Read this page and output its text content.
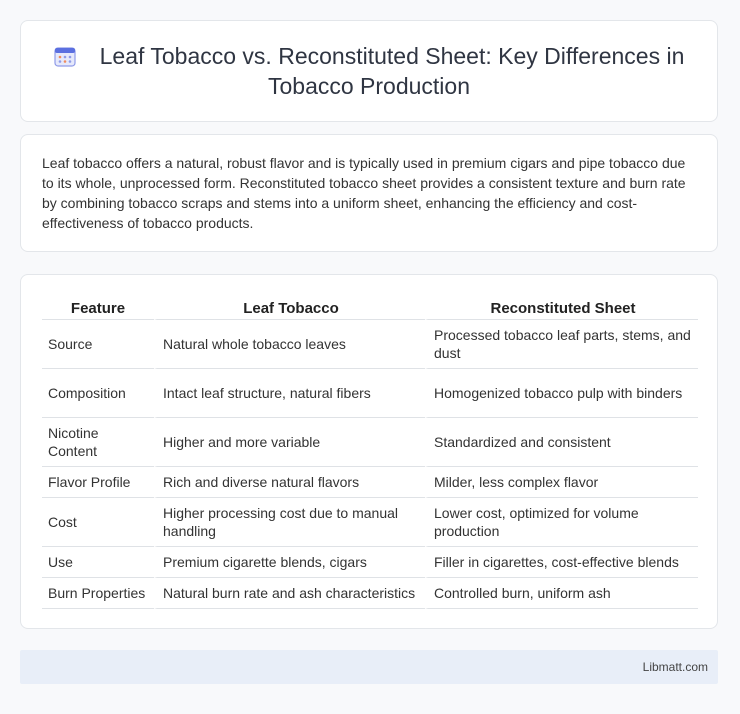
Leaf Tobacco vs. Reconstituted Sheet: Key Differences in Tobacco Production

Leaf tobacco offers a natural, robust flavor and is typically used in premium cigars and pipe tobacco due to its whole, unprocessed form. Reconstituted tobacco sheet provides a consistent texture and burn rate by combining tobacco scraps and stems into a uniform sheet, enhancing the efficiency and cost-effectiveness of tobacco products.

Feature	Leaf Tobacco	Reconstituted Sheet
Source	Natural whole tobacco leaves	Processed tobacco leaf parts, stems, and dust
Composition	Intact leaf structure, natural fibers	Homogenized tobacco pulp with binders
Nicotine Content	Higher and more variable	Standardized and consistent
Flavor Profile	Rich and diverse natural flavors	Milder, less complex flavor
Cost	Higher processing cost due to manual handling	Lower cost, optimized for volume production
Use	Premium cigarette blends, cigars	Filler in cigarettes, cost-effective blends
Burn Properties	Natural burn rate and ash characteristics	Controlled burn, uniform ash
Libmatt.com
